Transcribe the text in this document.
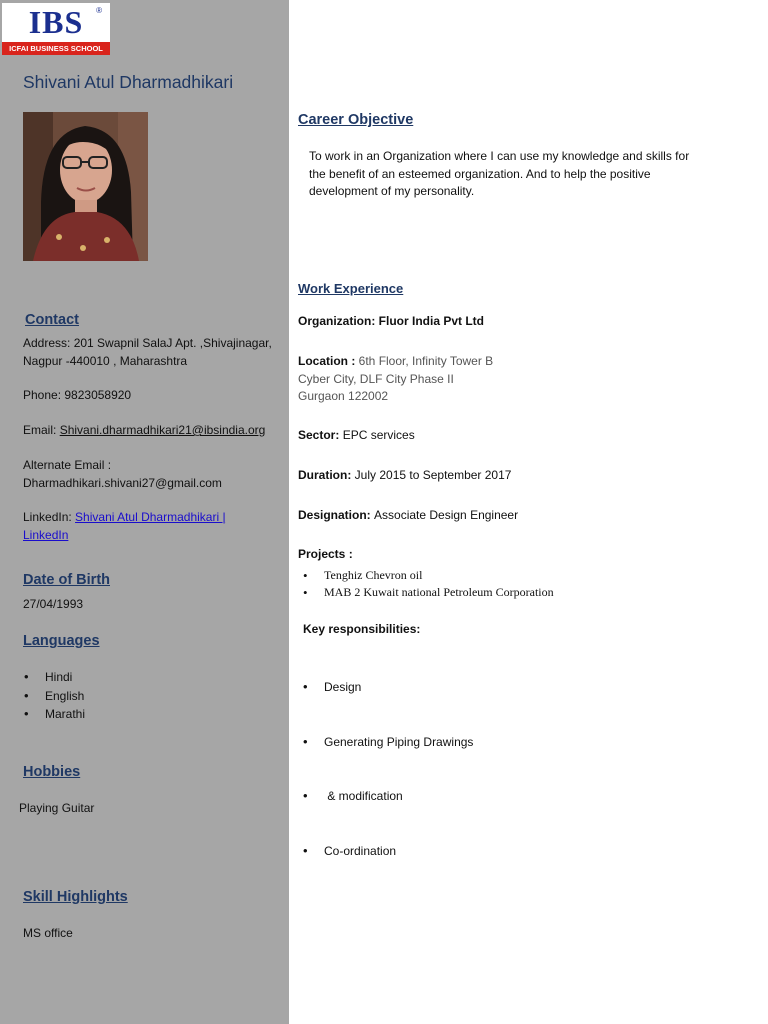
IBS	®
ICFAI BUSINESS SCHOOL
Shivani Atul Dharmadhikari
Contact
Address: 201 Swapnil SalaJ Apt. ,Shivajinagar,
Nagpur -440010 , Maharashtra
Phone: 9823058920
Email: Shivani.dharmadhikari21@ibsindia.org
Alternate Email :
Dharmadhikari.shivani27@gmail.com
LinkedIn: Shivani Atul Dharmadhikari |
LinkedIn
Date of Birth
27/04/1993
Languages
• Hindi
• English
• Marathi
Hobbies
Playing Guitar
Skill Highlights
MS office
Career Objective
To work in an Organization where I can use my knowledge and skills for
the benefit of an esteemed organization. And to help the positive
development of my personality.
Work Experience
Organization: Fluor India Pvt Ltd
Location : 6th Floor, Infinity Tower B
Cyber City, DLF City Phase II
Gurgaon 122002
Sector: EPC services
Duration: July 2015 to September 2017
Designation: Associate Design Engineer
Projects :
• Tenghiz Chevron oil
• MAB 2 Kuwait national Petroleum Corporation
Key responsibilities:

• Design

• Generating Piping Drawings

•  & modification

• Co-ordination
